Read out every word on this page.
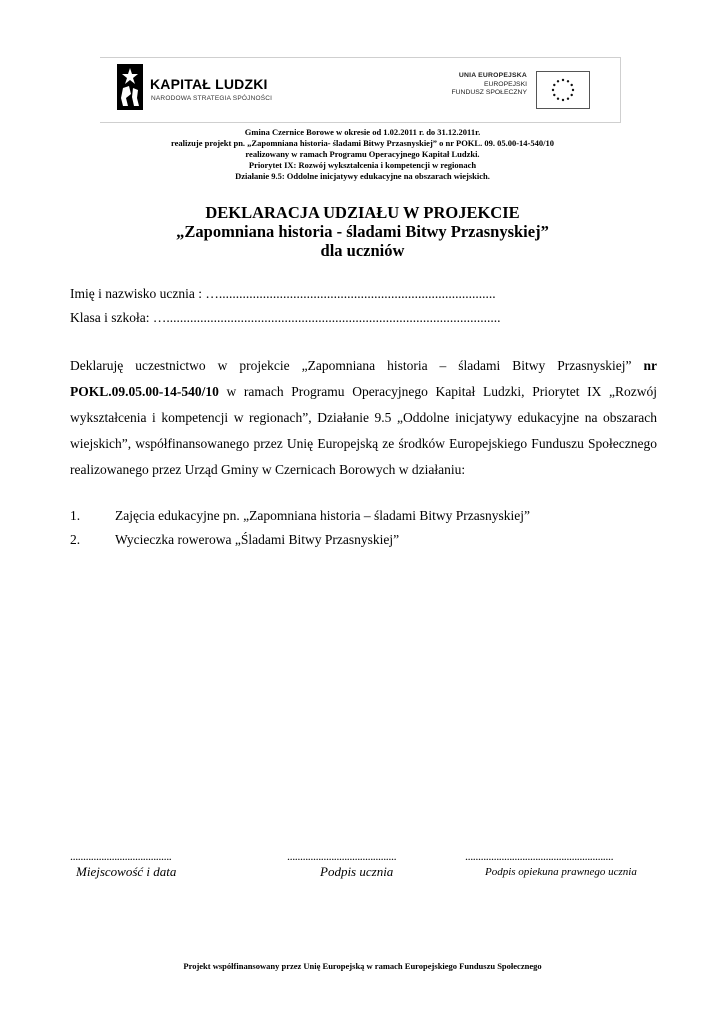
KAPITAŁ LUDZKI
NARODOWA STRATEGIA SPÓJNOŚCI
UNIA EUROPEJSKA
EUROPEJSKI
FUNDUSZ SPOŁECZNY
Gmina Czernice Borowe w okresie od 1.02.2011 r. do 31.12.2011r.
realizuje projekt pn. „Zapomniana historia- śladami Bitwy Przasnyskiej” o nr POKL. 09. 05.00-14-540/10
realizowany w ramach Programu Operacyjnego Kapitał Ludzki.
Priorytet IX: Rozwój wykształcenia i kompetencji w regionach
Działanie 9.5: Oddolne inicjatywy edukacyjne na obszarach wiejskich.
DEKLARACJA UDZIAŁU W PROJEKCIE
„Zapomniana historia - śladami Bitwy Przasnyskiej”
dla uczniów
Imię i nazwisko ucznia : …..................................................................................
Klasa i szkoła: …...................................................................................................
Deklaruję uczestnictwo w projekcie „Zapomniana historia – śladami Bitwy Przasnyskiej” nr POKL.09.05.00-14-540/10 w ramach Programu Operacyjnego Kapitał Ludzki, Priorytet IX „Rozwój wykształcenia i kompetencji w regionach”, Działanie 9.5 „Oddolne inicjatywy edukacyjne na obszarach wiejskich”, współfinansowanego przez Unię Europejską ze środków Europejskiego Funduszu Społecznego realizowanego przez Urząd Gminy w Czernicach Borowych w działaniu:
1.	Zajęcia edukacyjne pn. „Zapomniana historia – śladami Bitwy Przasnyskiej”
2.	Wycieczka rowerowa „Śladami Bitwy Przasnyskiej”
.......................................	..........................................	.........................................................
Miejscowość i data	Podpis ucznia	Podpis opiekuna prawnego ucznia
Projekt współfinansowany przez Unię Europejską w ramach Europejskiego Funduszu Społecznego
